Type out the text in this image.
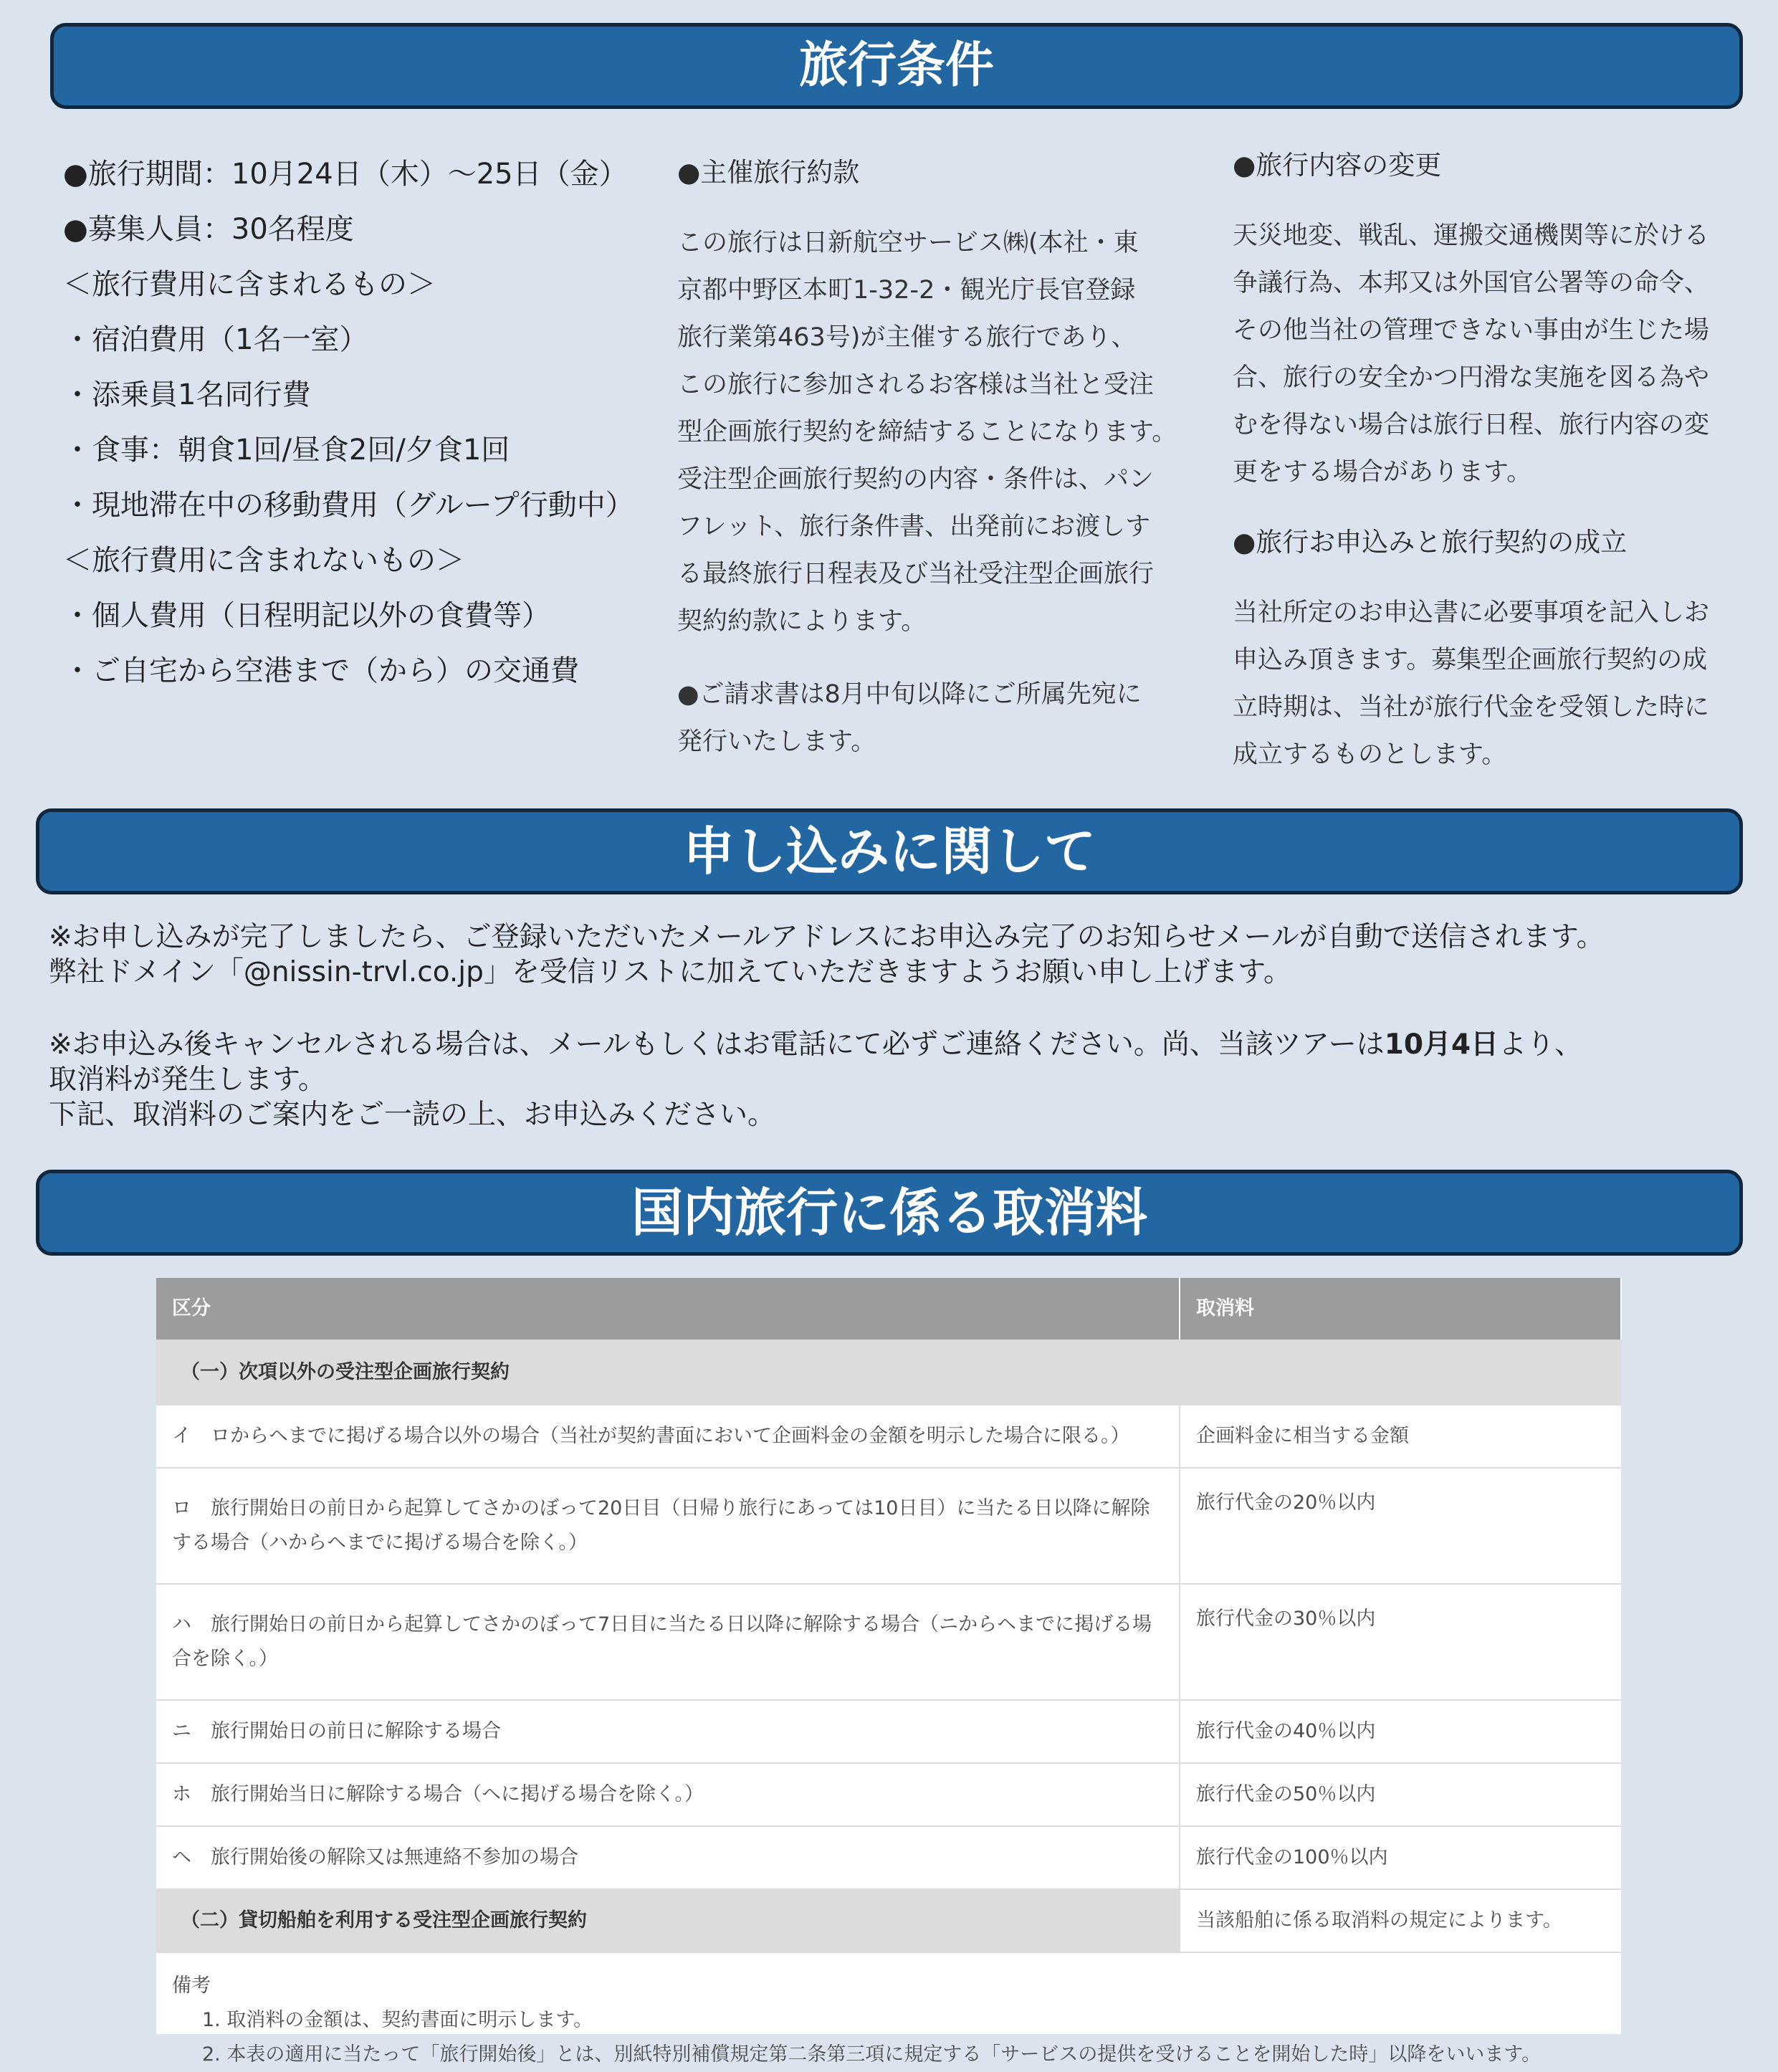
旅行条件
●旅行期間：10月24日（木）～25日（金）
●募集人員：30名程度
＜旅行費用に含まれるもの＞
・宿泊費用（1名一室）
・添乗員1名同行費
・食事：朝食1回/昼食2回/夕食1回
・現地滞在中の移動費用（グループ行動中）
＜旅行費用に含まれないもの＞
・個人費用（日程明記以外の食費等）
・ご自宅から空港まで（から）の交通費
●主催旅行約款
この旅行は日新航空サービス㈱(本社・東
京都中野区本町1-32-2・観光庁長官登録
旅行業第463号)が主催する旅行であり、
この旅行に参加されるお客様は当社と受注
型企画旅行契約を締結することになります。
受注型企画旅行契約の内容・条件は、パン
フレット、旅行条件書、出発前にお渡しす
る最終旅行日程表及び当社受注型企画旅行
契約約款によります。
●ご請求書は8月中旬以降にご所属先宛に
発行いたします。
●旅行内容の変更
天災地変、戦乱、運搬交通機関等に於ける
争議行為、本邦又は外国官公署等の命令、
その他当社の管理できない事由が生じた場
合、旅行の安全かつ円滑な実施を図る為や
むを得ない場合は旅行日程、旅行内容の変
更をする場合があります。
●旅行お申込みと旅行契約の成立
当社所定のお申込書に必要事項を記入しお
申込み頂きます。募集型企画旅行契約の成
立時期は、当社が旅行代金を受領した時に
成立するものとします。
申し込みに関して
※お申し込みが完了しましたら、ご登録いただいたメールアドレスにお申込み完了のお知らせメールが自動で送信されます。
弊社ドメイン「@nissin-trvl.co.jp」を受信リストに加えていただきますようお願い申し上げます。
※お申込み後キャンセルされる場合は、メールもしくはお電話にて必ずご連絡ください。尚、当該ツアーは10月4日より、
取消料が発生します。
下記、取消料のご案内をご一読の上、お申込みください。
国内旅行に係る取消料
区分	取消料
（一）次項以外の受注型企画旅行契約	
イ ロからヘまでに掲げる場合以外の場合（当社が契約書面において企画料金の金額を明示した場合に限る。）	企画料金に相当する金額
ロ 旅行開始日の前日から起算してさかのぼって20日目（日帰り旅行にあっては10日目）に当たる日以降に解除
する場合（ハからヘまでに掲げる場合を除く。）	旅行代金の20％以内
ハ 旅行開始日の前日から起算してさかのぼって7日目に当たる日以降に解除する場合（ニからヘまでに掲げる場
合を除く。）	旅行代金の30％以内
ニ 旅行開始日の前日に解除する場合	旅行代金の40％以内
ホ 旅行開始当日に解除する場合（ヘに掲げる場合を除く。）	旅行代金の50％以内
ヘ 旅行開始後の解除又は無連絡不参加の場合	旅行代金の100％以内
（二）貸切船舶を利用する受注型企画旅行契約	当該船舶に係る取消料の規定によります。
備考
1. 取消料の金額は、契約書面に明示します。
2. 本表の適用に当たって「旅行開始後」とは、別紙特別補償規定第二条第三項に規定する「サービスの提供を受けることを開始した時」以降をいいます。
